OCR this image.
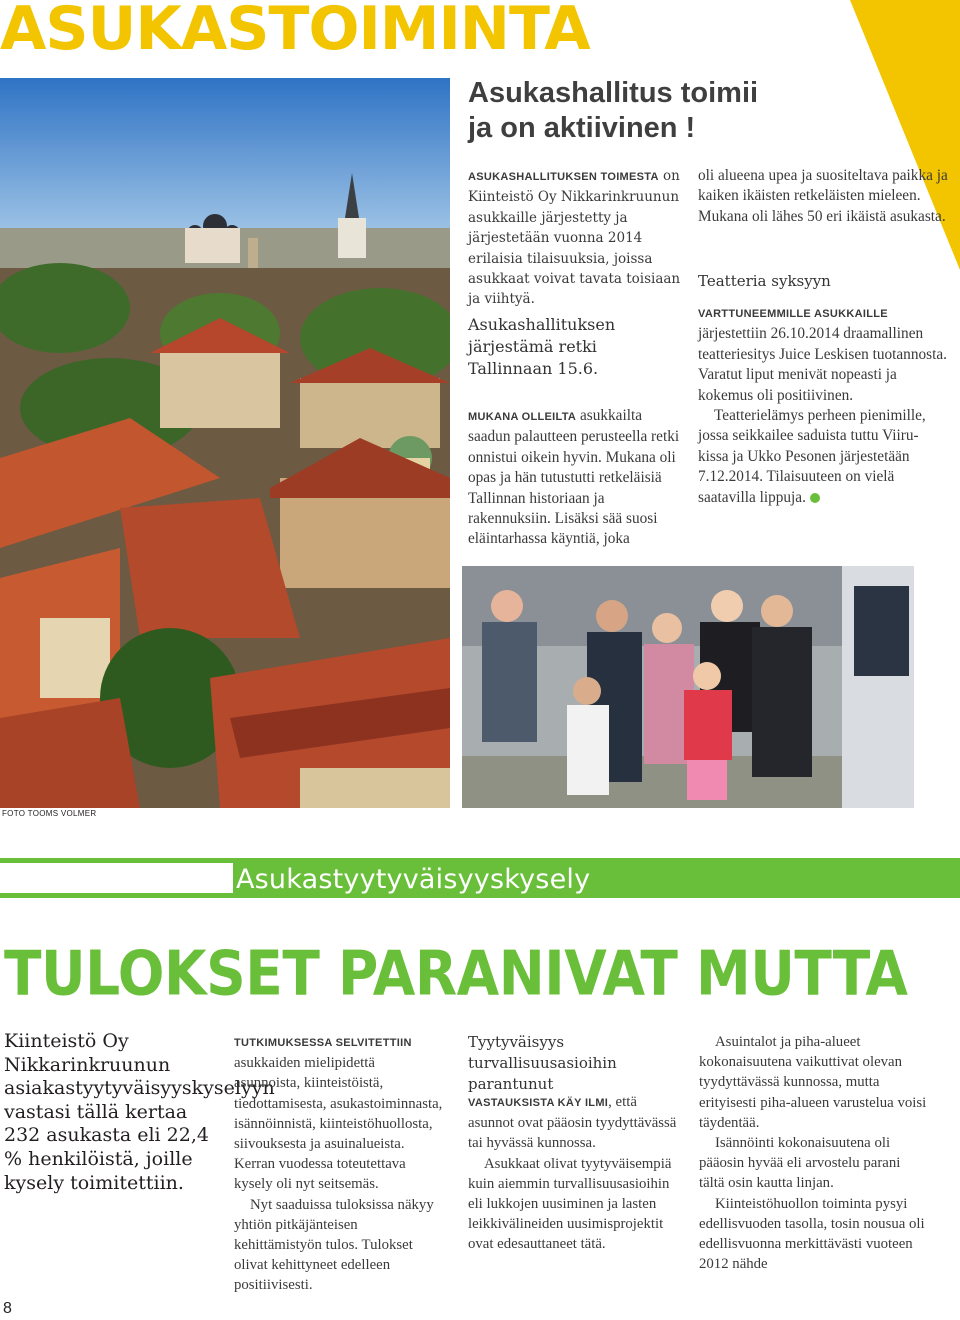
ASUKASTOIMINTA
Asukashallitus toimii
ja on aktiivinen !

ASUKASHALLITUKSEN TOIMESTA on Kiinteistö Oy Nikkarinkruunun asukkaille järjestetty ja järjestetään vuonna 2014 erilaisia tilaisuuksia, joissa asukkaat voivat tavata toisiaan ja viihtyä.

Asukashallituksen järjestämä retki Tallinnaan 15.6.

MUKANA OLLEILTA asukkailta saadun palautteen perusteella retki onnistui oikein hyvin. Mukana oli opas ja hän tutustutti retkeläisiä Tallinnan historiaan ja rakennuksiin. Lisäksi sää suosi eläintarhassa käyntiä, joka

oli alueena upea ja suositeltava paikka ja kaiken ikäisten retkeläisten mieleen. Mukana oli lähes 50 eri ikäistä asukasta.

Teatteria syksyyn

VARTTUNEEMMILLE ASUKKAILLE järjestettiin 26.10.2014 draamallinen teatteriesitys Juice Leskisen tuotannosta. Varatut liput menivät nopeasti ja kokemus oli positiivinen.

Teatterielämys perheen pienimille, jossa seikkailee saduista tuttu Viiru-kissa ja Ukko Pesonen järjestetään 7.12.2014. Tilaisuuteen on vielä saatavilla lippuja.

FOTO TOOMS VOLMER
Asukastyytyväisyyskysely
TULOKSET PARANIVAT MUTTA
Kiinteistö Oy Nikkarinkruunun asiakastyytyväisyyskyselyyn vastasi tällä kertaa 232 asukasta eli 22,4 % henkilöistä, joille kysely toimitettiin.

TUTKIMUKSESSA SELVITETTIIN asukkaiden mielipidettä asunnoista, kiinteistöistä, tiedottamisesta, asukastoiminnasta, isännöinnistä, kiinteistöhuollosta, siivouksesta ja asuinalueista. Kerran vuodessa toteutettava kysely oli nyt seitsemäs.

Nyt saaduissa tuloksissa näkyy yhtiön pitkäjänteisen kehittämistyön tulos. Tulokset olivat kehittyneet edelleen positiivisesti.

Tyytyväisyys turvallisuusasioihin parantunut

VASTAUKSISTA KÄY ILMI, että asunnot ovat pääosin tyydyttävässä tai hyvässä kunnossa.

Asukkaat olivat tyytyväisempiä kuin aiemmin turvallisuusasioihin eli lukkojen uusiminen ja lasten leikkivälineiden uusimisprojektit ovat edesauttaneet tätä.

Asuintalot ja piha-alueet kokonaisuutena vaikuttivat olevan tyydyttävässä kunnossa, mutta erityisesti piha-alueen varustelua voisi täydentää.

Isännöinti kokonaisuutena oli pääosin hyvää eli arvostelu parani tältä osin kautta linjan.

Kiinteistöhuollon toiminta pysyi edellisvuoden tasolla, tosin nousua oli edellisvuonna merkittävästi vuoteen 2012 nähde

8
